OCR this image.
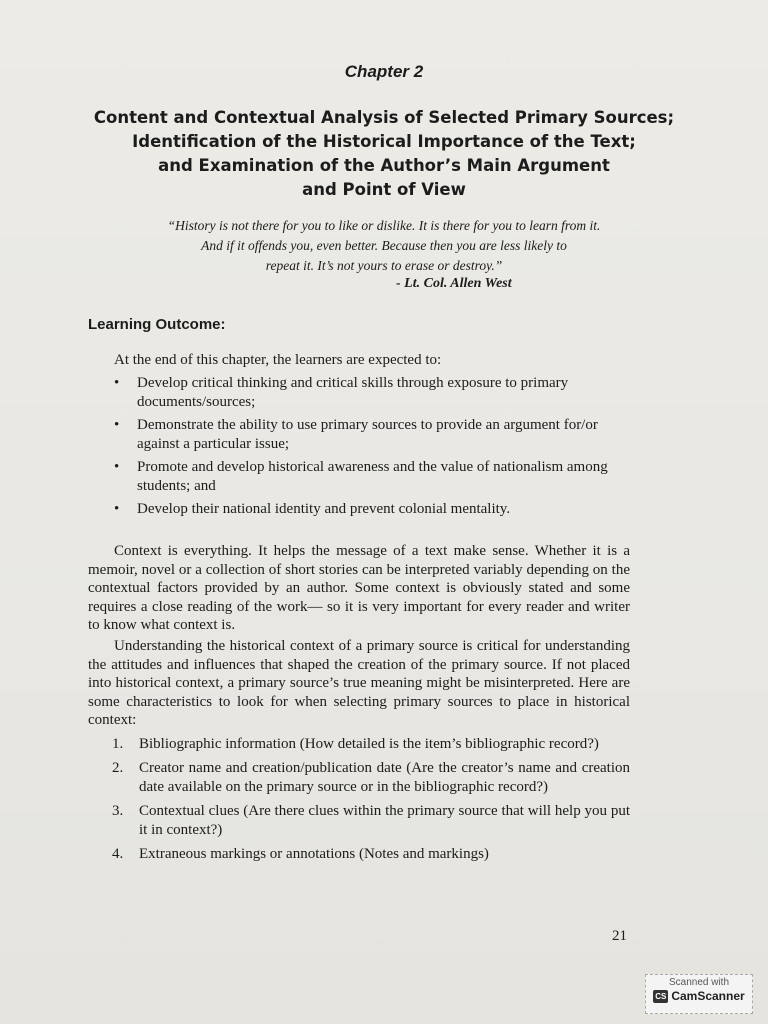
Chapter 2
Content and Contextual Analysis of Selected Primary Sources;
Identification of the Historical Importance of the Text;
and Examination of the Author’s Main Argument
and Point of View
“History is not there for you to like or dislike. It is there for you to learn from it.
And if it offends you, even better. Because then you are less likely to
repeat it. It’s not yours to erase or destroy.”
- Lt. Col. Allen West
Learning Outcome:
At the end of this chapter, the learners are expected to:
• Develop critical thinking and critical skills through exposure to primary documents/sources;
• Demonstrate the ability to use primary sources to provide an argument for/or against a particular issue;
• Promote and develop historical awareness and the value of nationalism among students; and
• Develop their national identity and prevent colonial mentality.

Context is everything. It helps the message of a text make sense. Whether it is a memoir, novel or a collection of short stories can be interpreted variably depending on the contextual factors provided by an author. Some context is obviously stated and some requires a close reading of the work— so it is very important for every reader and writer to know what context is.

Understanding the historical context of a primary source is critical for understanding the attitudes and influences that shaped the creation of the primary source. If not placed into historical context, a primary source’s true meaning might be misinterpreted. Here are some characteristics to look for when selecting primary sources to place in historical context:

1. Bibliographic information (How detailed is the item’s bibliographic record?)
2. Creator name and creation/publication date (Are the creator’s name and creation date available on the primary source or in the bibliographic record?)
3. Contextual clues (Are there clues within the primary source that will help you put it in context?)
4. Extraneous markings or annotations (Notes and markings)
21
Scanned with
CS CamScanner
